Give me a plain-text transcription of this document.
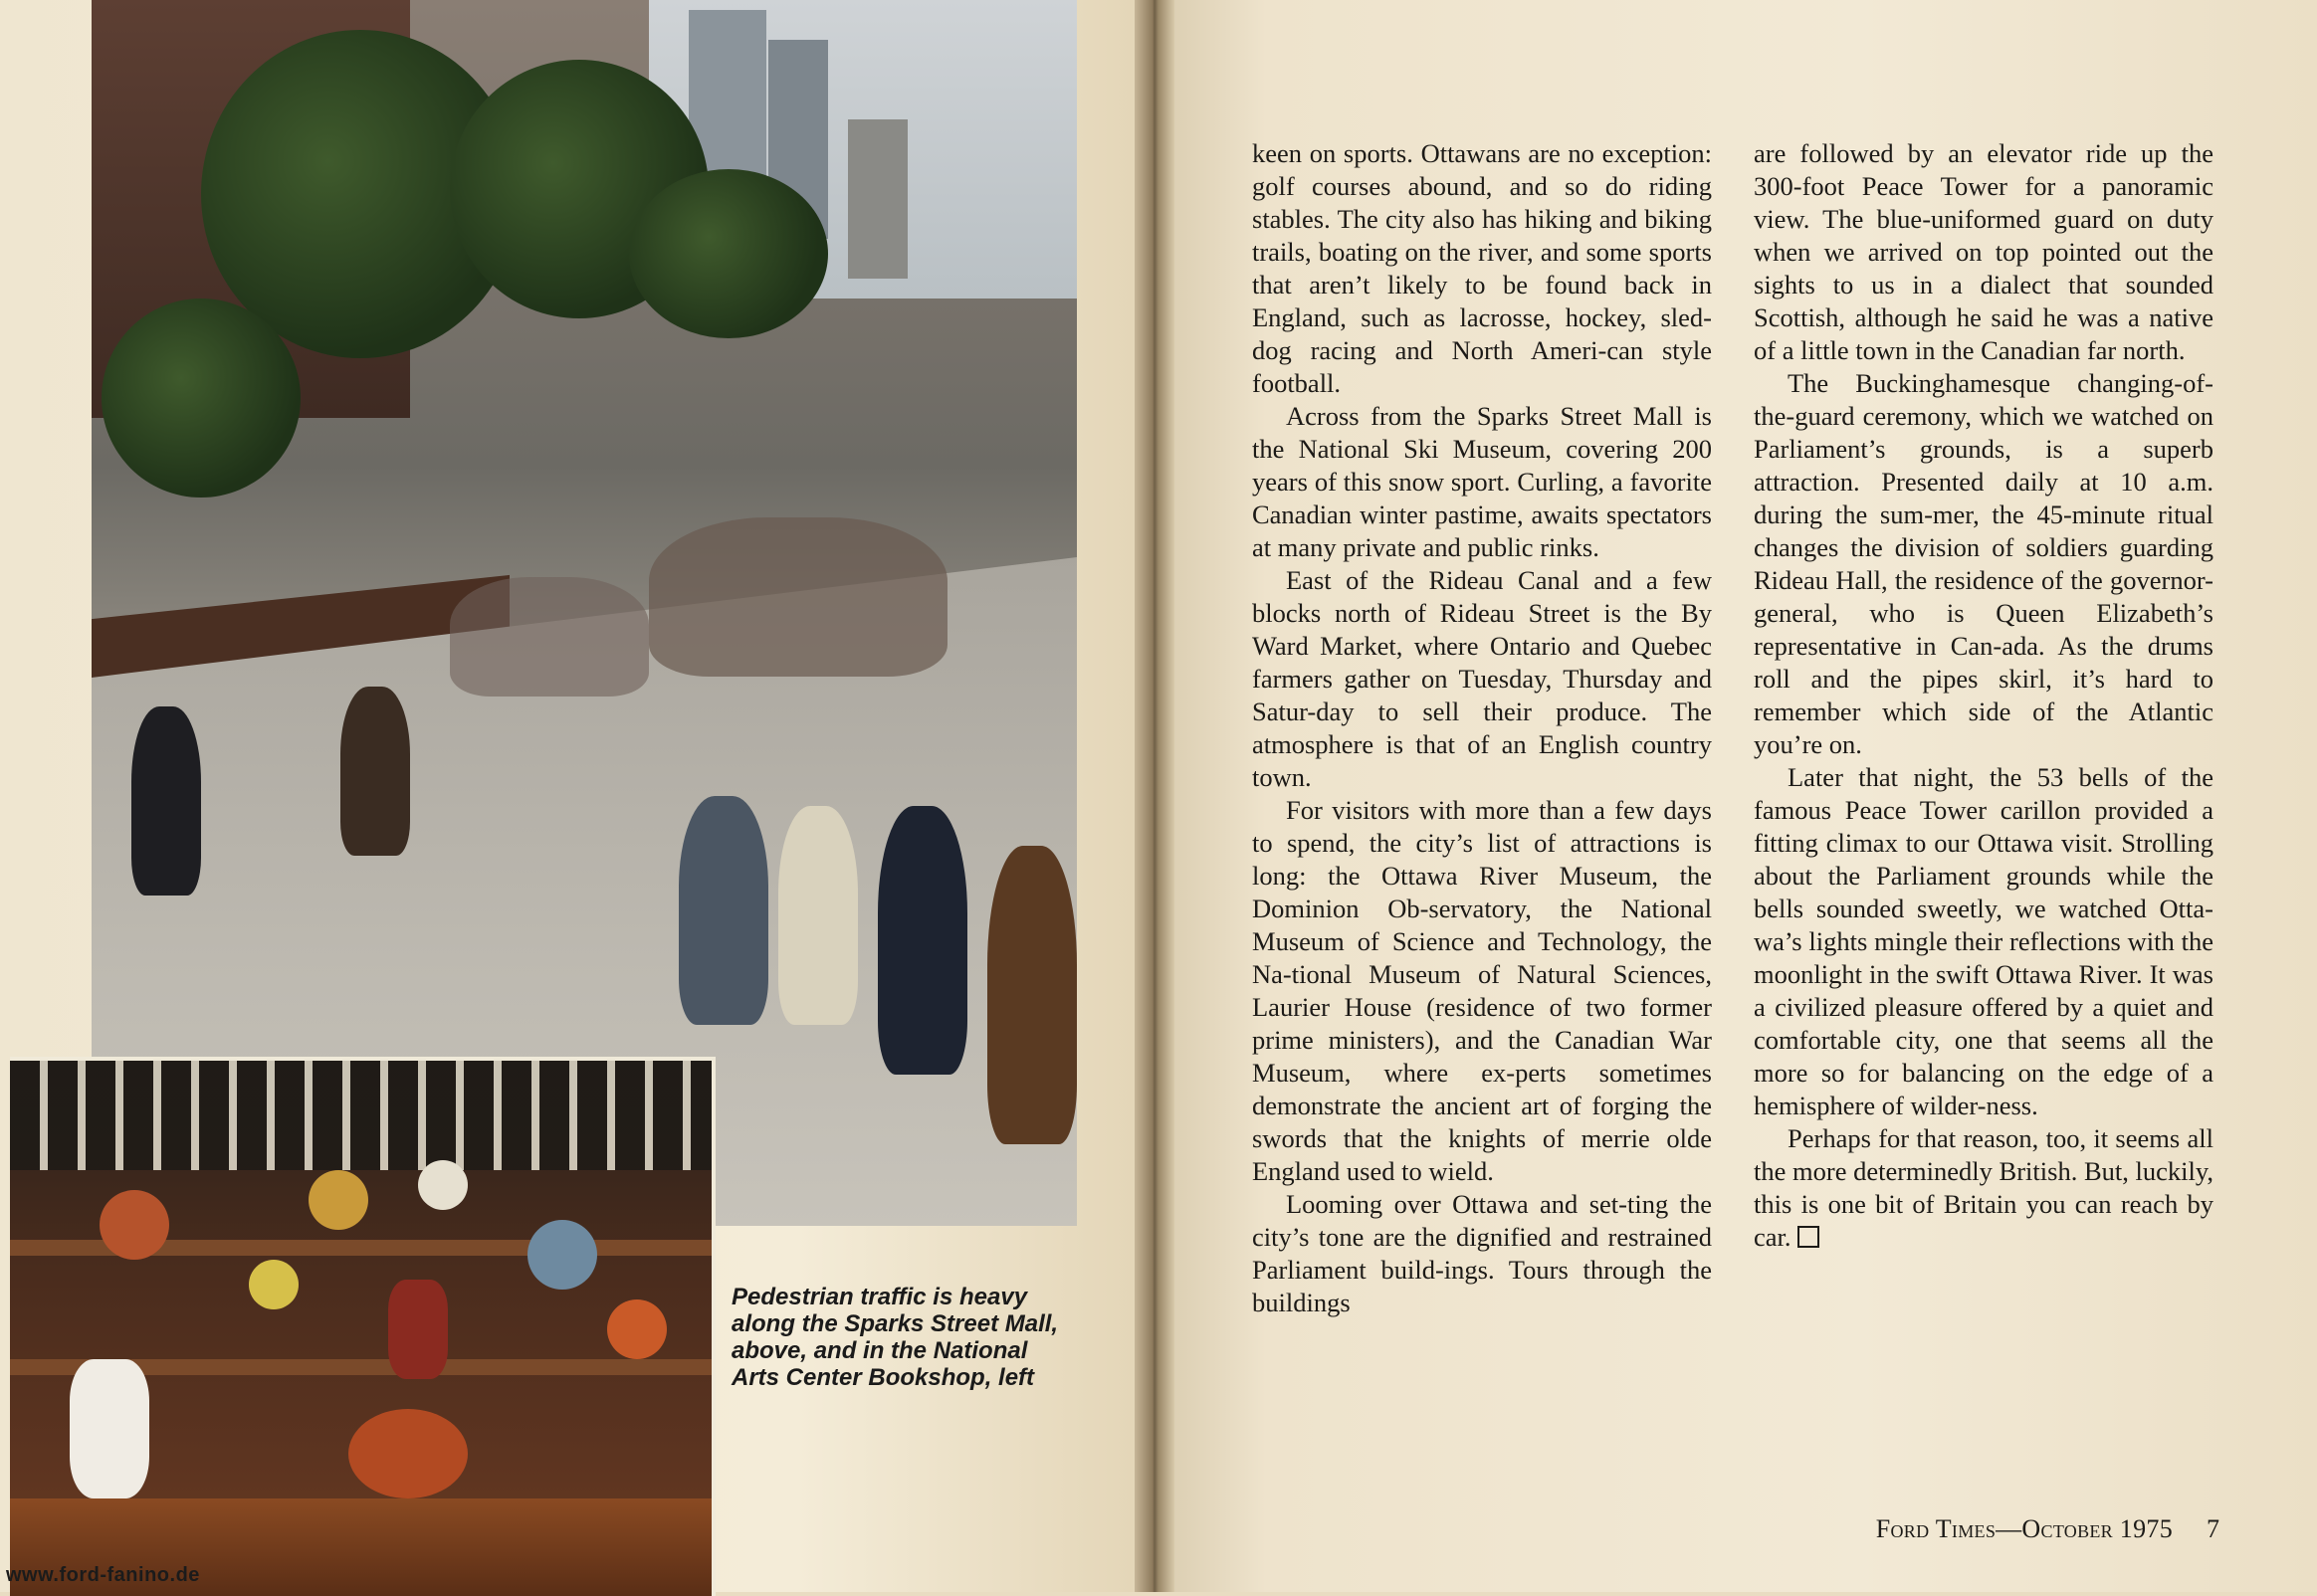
Pedestrian traffic is heavy along the Sparks Street Mall, above, and in the National Arts Center Bookshop, left

www.ford-fanino.de

keen on sports. Ottawans are no exception: golf courses abound, and so do riding stables. The city also has hiking and biking trails, boating on the river, and some sports that aren’t likely to be found back in England, such as lacrosse, hockey, sled-dog racing and North Ameri-can style football.

Across from the Sparks Street Mall is the National Ski Museum, covering 200 years of this snow sport. Curling, a favorite Canadian winter pastime, awaits spectators at many private and public rinks.

East of the Rideau Canal and a few blocks north of Rideau Street is the By Ward Market, where Ontario and Quebec farmers gather on Tuesday, Thursday and Satur-day to sell their produce. The atmosphere is that of an English country town.

For visitors with more than a few days to spend, the city’s list of attractions is long: the Ottawa River Museum, the Dominion Ob-servatory, the National Museum of Science and Technology, the Na-tional Museum of Natural Sciences, Laurier House (residence of two former prime ministers), and the Canadian War Museum, where ex-perts sometimes demonstrate the ancient art of forging the swords that the knights of merrie olde England used to wield.

Looming over Ottawa and set-ting the city’s tone are the dignified and restrained Parliament build-ings. Tours through the buildings

are followed by an elevator ride up the 300-foot Peace Tower for a panoramic view. The blue-uniformed guard on duty when we arrived on top pointed out the sights to us in a dialect that sounded Scottish, although he said he was a native of a little town in the Canadian far north.

The Buckinghamesque changing-of-the-guard ceremony, which we watched on Parliament’s grounds, is a superb attraction. Presented daily at 10 a.m. during the sum-mer, the 45-minute ritual changes the division of soldiers guarding Rideau Hall, the residence of the governor-general, who is Queen Elizabeth’s representative in Can-ada. As the drums roll and the pipes skirl, it’s hard to remember which side of the Atlantic you’re on.

Later that night, the 53 bells of the famous Peace Tower carillon provided a fitting climax to our Ottawa visit. Strolling about the Parliament grounds while the bells sounded sweetly, we watched Otta-wa’s lights mingle their reflections with the moonlight in the swift Ottawa River. It was a civilized pleasure offered by a quiet and comfortable city, one that seems all the more so for balancing on the edge of a hemisphere of wilder-ness.

Perhaps for that reason, too, it seems all the more determinedly British. But, luckily, this is one bit of Britain you can reach by car.

Ford Times—October 1975 7
